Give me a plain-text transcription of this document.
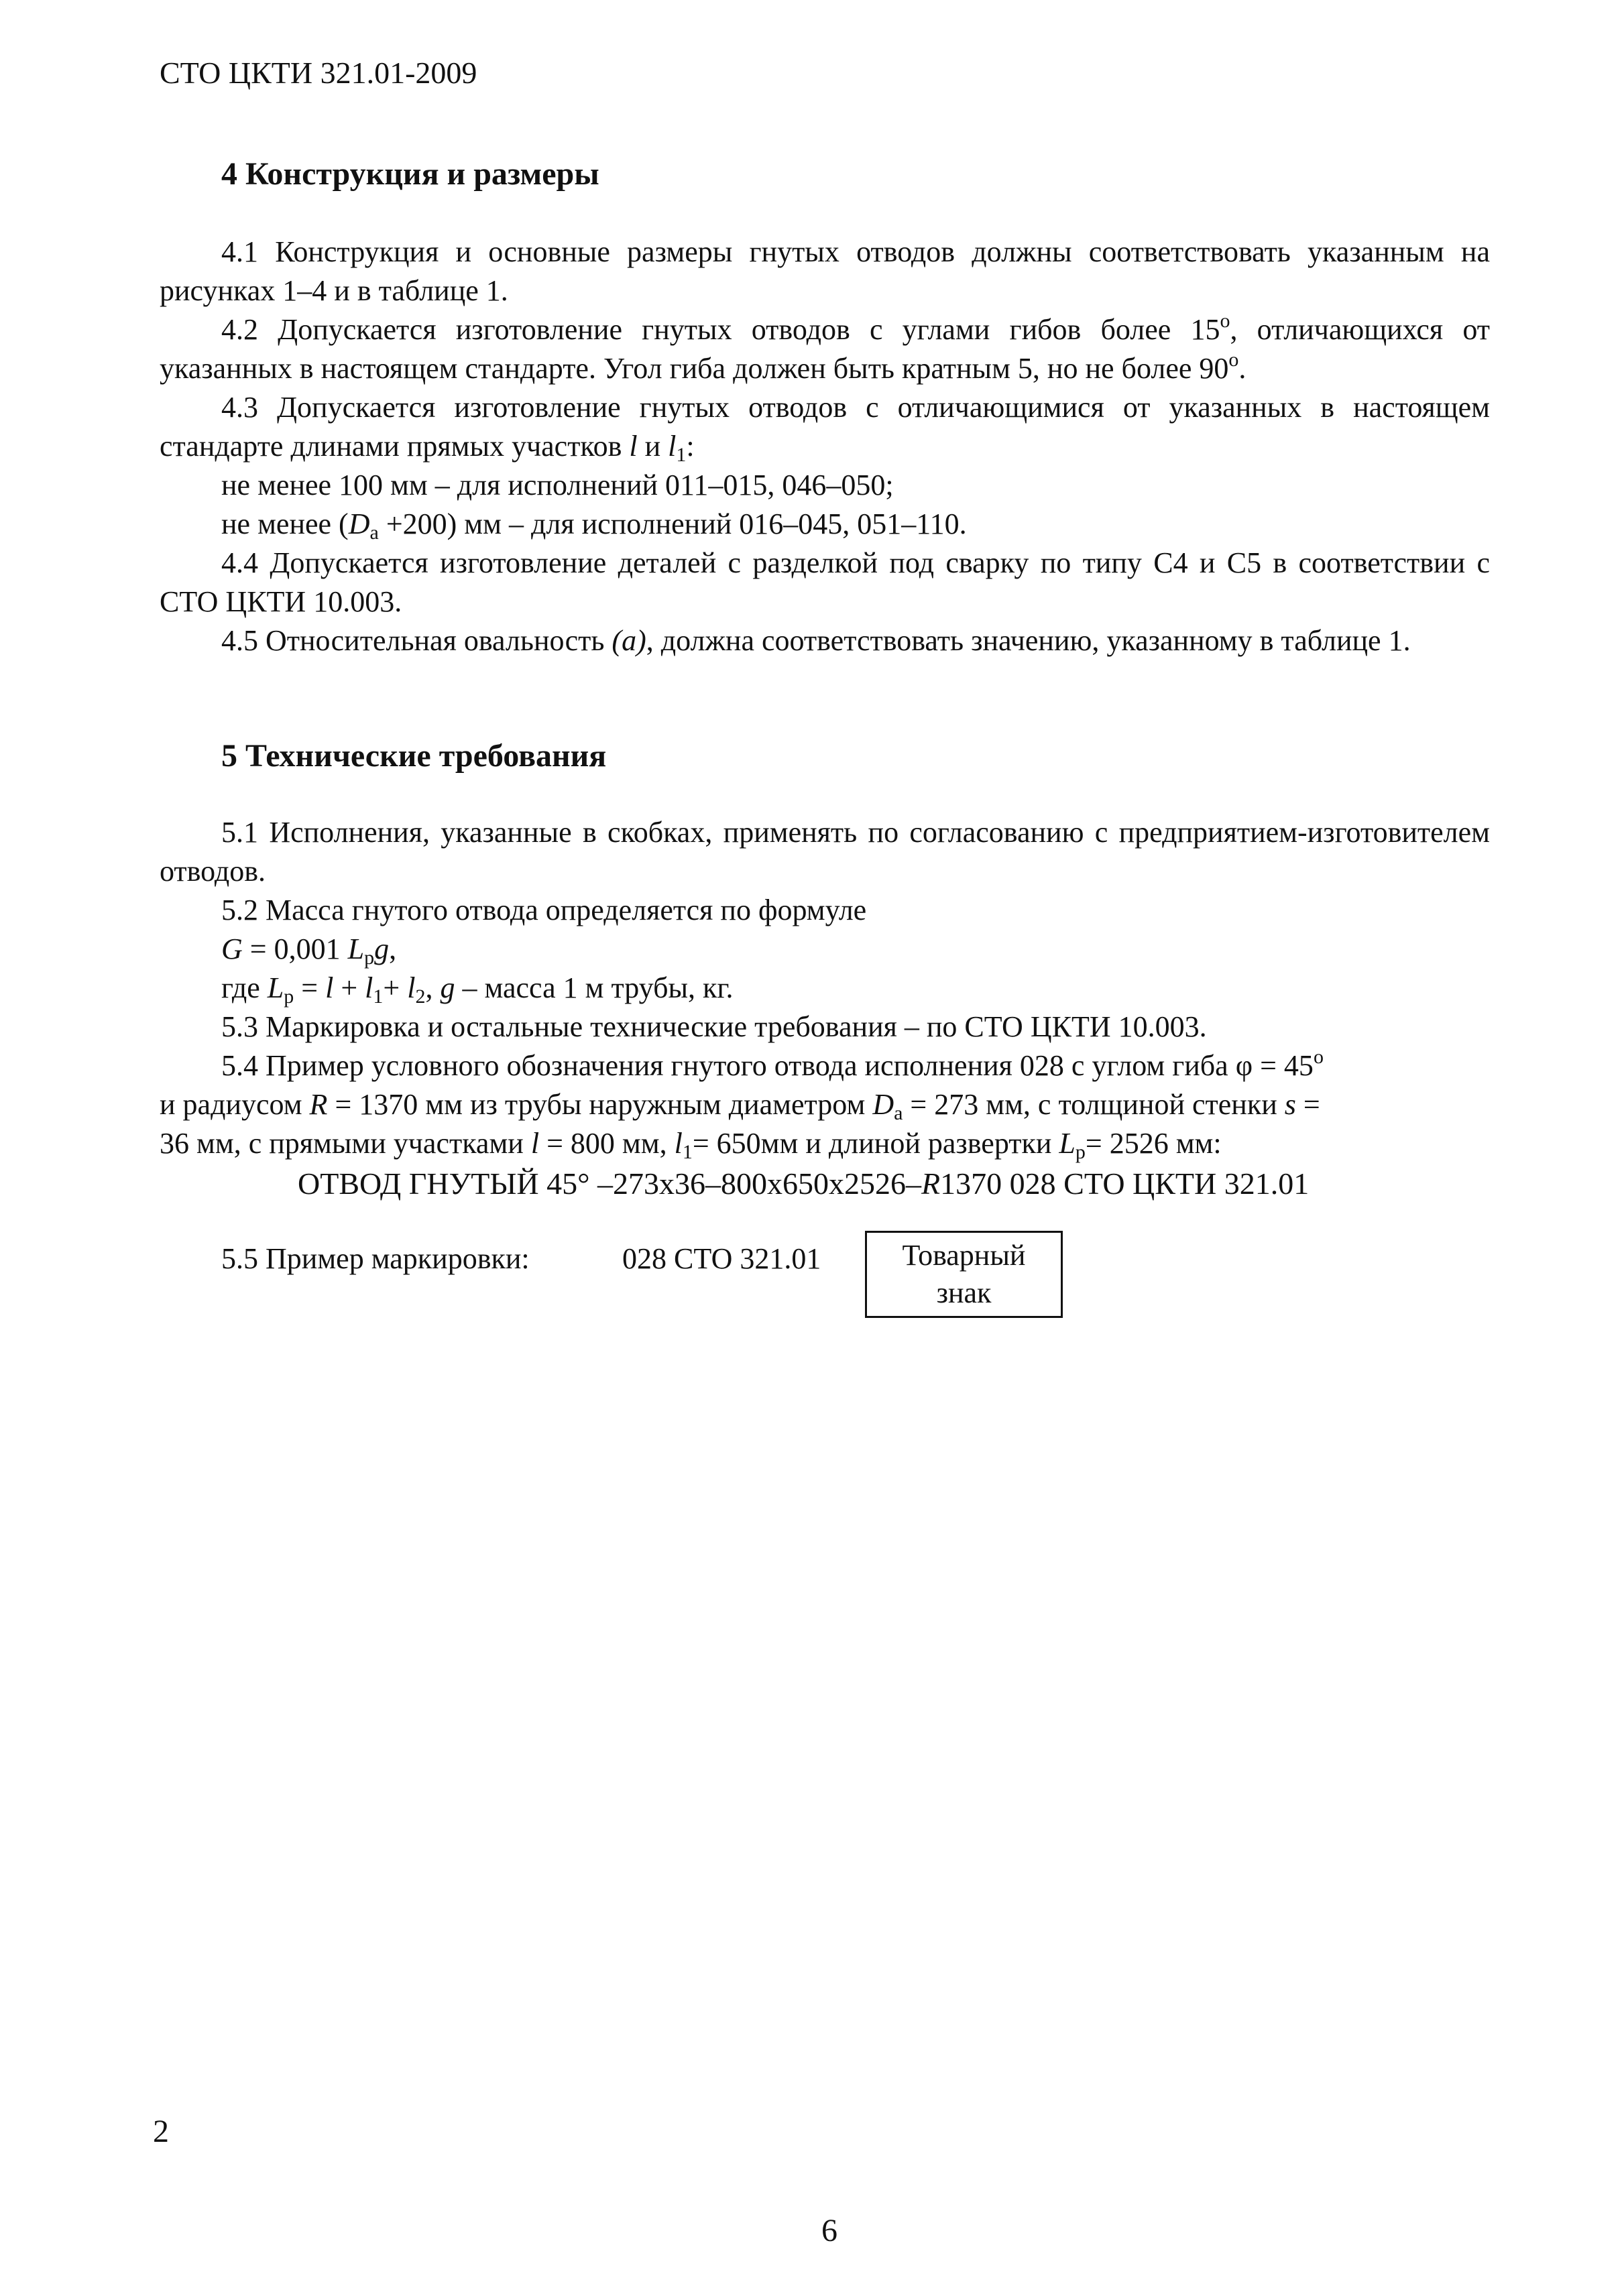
СТО ЦКТИ 321.01-2009
4 Конструкция и размеры

4.1 Конструкция и основные размеры гнутых отводов должны соответствовать указанным на рисунках 1–4 и в таблице 1.

4.2 Допускается изготовление гнутых отводов с углами гибов более 15$^o$, отличающихся от указанных в настоящем стандарте. Угол гиба должен быть кратным 5, но не более 90$^o$.

4.3 Допускается изготовление гнутых отводов с отличающимися от указанных в настоящем стандарте длинами прямых участков l и $l_1$:

не менее 100 мм – для исполнений 011–015, 046–050;
не менее $(D_a +200)$ мм – для исполнений 016–045, 051–110.

4.4 Допускается изготовление деталей с разделкой под сварку по типу С4 и С5 в соответствии с СТО ЦКТИ 10.003.

4.5 Относительная овальность (a), должна соответствовать значению, указанному в таблице 1.

5 Технические требования

5.1 Исполнения, указанные в скобках, применять по согласованию с предприятием-изготовителем отводов.

5.2 Масса гнутого отвода определяется по формуле
G = 0,001 $L_pg$,
где $L_p = l + l_1+ l_2$, g – масса 1 м трубы, кг.
5.3 Маркировка и остальные технические требования – по СТО ЦКТИ 10.003.
5.4 Пример условного обозначения гнутого отвода исполнения 028 с углом гиба $\varphi = 45^o$
и радиусом R = 1370 мм из трубы наружным диаметром $D_a = 273$ мм, с толщиной стенки s =
36 мм, с прямыми участками l = 800 мм, $l_1= 650мм$ и длиной развертки $L_p= 2526$ мм:
ОТВОД ГНУТЫЙ 45° –273х36–800х650х2526–R1370 028 СТО ЦКТИ 321.01
5.5 Пример маркировки:	028 СТО 321.01	Товарный
знак
2
6
